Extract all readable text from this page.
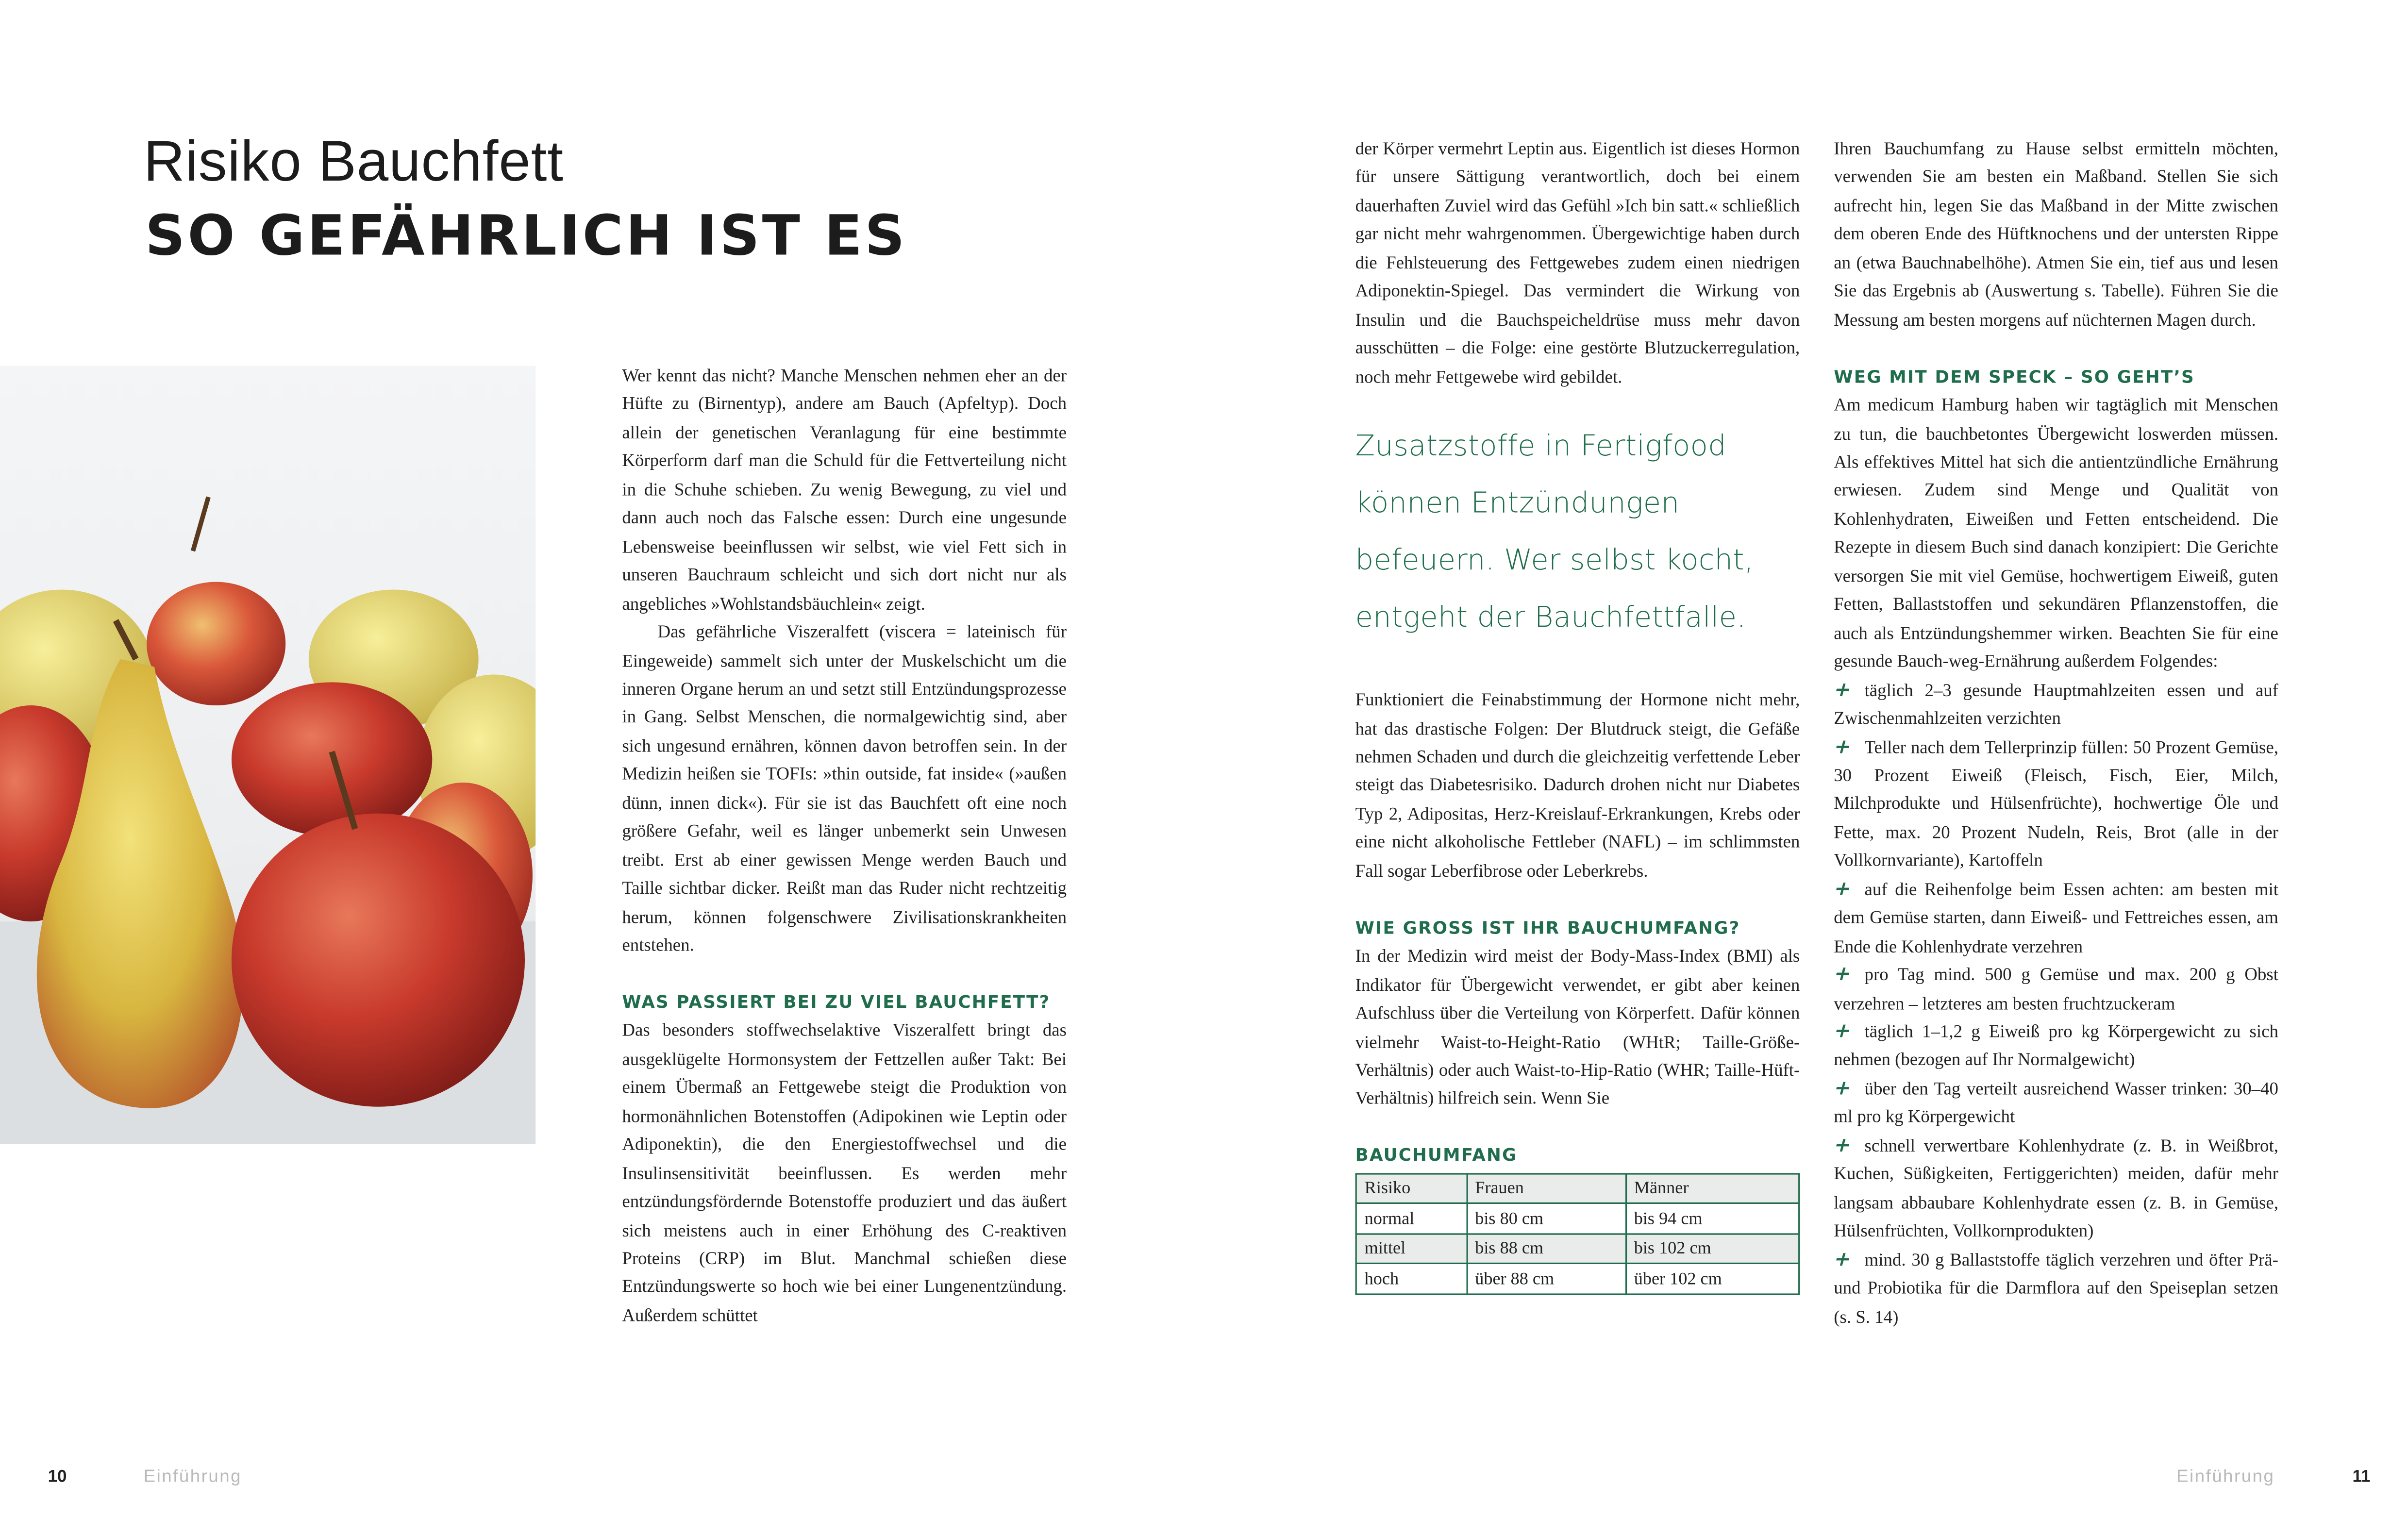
Risiko Bauchfett
SO GEFÄHRLICH IST ES

Wer kennt das nicht? Manche Menschen nehmen eher an der Hüfte zu (Birnentyp), andere am Bauch (Apfeltyp). Doch allein der genetischen Veranlagung für eine bestimmte Körperform darf man die Schuld für die Fettverteilung nicht in die Schuhe schieben. Zu wenig Bewegung, zu viel und dann auch noch das Falsche essen: Durch eine ungesunde Lebensweise beeinflussen wir selbst, wie viel Fett sich in unseren Bauchraum schleicht und sich dort nicht nur als angebliches »Wohlstandsbäuchlein« zeigt.

Das gefährliche Viszeralfett (viscera = lateinisch für Eingeweide) sammelt sich unter der Muskelschicht um die inneren Organe herum an und setzt still Entzündungsprozesse in Gang. Selbst Menschen, die normalgewichtig sind, aber sich ungesund ernähren, können davon betroffen sein. In der Medizin heißen sie TOFIs: »thin outside, fat inside« (»außen dünn, innen dick«). Für sie ist das Bauchfett oft eine noch größere Gefahr, weil es länger unbemerkt sein Unwesen treibt. Erst ab einer gewissen Menge werden Bauch und Taille sichtbar dicker. Reißt man das Ruder nicht rechtzeitig herum, können folgenschwere Zivilisationskrankheiten entstehen.

WAS PASSIERT BEI ZU VIEL BAUCHFETT?

Das besonders stoffwechselaktive Viszeralfett bringt das ausgeklügelte Hormonsystem der Fettzellen außer Takt: Bei einem Übermaß an Fettgewebe steigt die Produktion von hormonähnlichen Botenstoffen (Adipokinen wie Leptin oder Adiponektin), die den Energiestoffwechsel und die Insulinsensitivität beeinflussen. Es werden mehr entzündungsfördernde Botenstoffe produziert und das äußert sich meistens auch in einer Erhöhung des C-reaktiven Proteins (CRP) im Blut. Manchmal schießen diese Entzündungswerte so hoch wie bei einer Lungenentzündung. Außerdem schüttet

der Körper vermehrt Leptin aus. Eigentlich ist dieses Hormon für unsere Sättigung verantwortlich, doch bei einem dauerhaften Zuviel wird das Gefühl »Ich bin satt.« schließlich gar nicht mehr wahrgenommen. Übergewichtige haben durch die Fehlsteuerung des Fettgewebes zudem einen niedrigen Adiponektin-Spiegel. Das vermindert die Wirkung von Insulin und die Bauchspeicheldrüse muss mehr davon ausschütten – die Folge: eine gestörte Blutzuckerregulation, noch mehr Fettgewebe wird gebildet.

Zusatzstoffe in Fertigfood können Entzündungen befeuern. Wer selbst kocht, entgeht der Bauchfettfalle.

Funktioniert die Feinabstimmung der Hormone nicht mehr, hat das drastische Folgen: Der Blutdruck steigt, die Gefäße nehmen Schaden und durch die gleichzeitig verfettende Leber steigt das Diabetesrisiko. Dadurch drohen nicht nur Diabetes Typ 2, Adipositas, Herz-Kreislauf-Erkrankungen, Krebs oder eine nicht alkoholische Fettleber (NAFL) – im schlimmsten Fall sogar Leberfibrose oder Leberkrebs.

WIE GROSS IST IHR BAUCHUMFANG?

In der Medizin wird meist der Body-Mass-Index (BMI) als Indikator für Übergewicht verwendet, er gibt aber keinen Aufschluss über die Verteilung von Körperfett. Dafür können vielmehr Waist-to-Height-Ratio (WHtR; Taille-Größe-Verhältnis) oder auch Waist-to-Hip-Ratio (WHR; Taille-Hüft-Verhältnis) hilfreich sein. Wenn Sie

BAUCHUMFANG
Risiko	Frauen	Männer
normal	bis 80 cm	bis 94 cm
mittel	bis 88 cm	bis 102 cm
hoch	über 88 cm	über 102 cm

Ihren Bauchumfang zu Hause selbst ermitteln möchten, verwenden Sie am besten ein Maßband. Stellen Sie sich aufrecht hin, legen Sie das Maßband in der Mitte zwischen dem oberen Ende des Hüftknochens und der untersten Rippe an (etwa Bauchnabelhöhe). Atmen Sie ein, tief aus und lesen Sie das Ergebnis ab (Auswertung s. Tabelle). Führen Sie die Messung am besten morgens auf nüchternen Magen durch.

WEG MIT DEM SPECK – SO GEHT’S

Am medicum Hamburg haben wir tagtäglich mit Menschen zu tun, die bauchbetontes Übergewicht loswerden müssen. Als effektives Mittel hat sich die antientzündliche Ernährung erwiesen. Zudem sind Menge und Qualität von Kohlenhydraten, Eiweißen und Fetten entscheidend. Die Rezepte in diesem Buch sind danach konzipiert: Die Gerichte versorgen Sie mit viel Gemüse, hochwertigem Eiweiß, guten Fetten, Ballaststoffen und sekundären Pflanzenstoffen, die auch als Entzündungshemmer wirken. Beachten Sie für eine gesunde Bauch-weg-Ernährung außerdem Folgendes:

+ täglich 2–3 gesunde Hauptmahlzeiten essen und auf Zwischenmahlzeiten verzichten

+ Teller nach dem Tellerprinzip füllen: 50 Prozent Gemüse, 30 Prozent Eiweiß (Fleisch, Fisch, Eier, Milch, Milchprodukte und Hülsenfrüchte), hochwertige Öle und Fette, max. 20 Prozent Nudeln, Reis, Brot (alle in der Vollkornvariante), Kartoffeln

+ auf die Reihenfolge beim Essen achten: am besten mit dem Gemüse starten, dann Eiweiß- und Fettreiches essen, am Ende die Kohlenhydrate verzehren

+ pro Tag mind. 500 g Gemüse und max. 200 g Obst verzehren – letzteres am besten fruchtzuckeram

+ täglich 1–1,2 g Eiweiß pro kg Körpergewicht zu sich nehmen (bezogen auf Ihr Normalgewicht)

+ über den Tag verteilt ausreichend Wasser trinken: 30–40 ml pro kg Körpergewicht

+ schnell verwertbare Kohlenhydrate (z. B. in Weißbrot, Kuchen, Süßigkeiten, Fertiggerichten) meiden, dafür mehr langsam abbaubare Kohlenhydrate essen (z. B. in Gemüse, Hülsenfrüchten, Vollkornprodukten)

+ mind. 30 g Ballaststoffe täglich verzehren und öfter Prä- und Probiotika für die Darmflora auf den Speiseplan setzen (s. S. 14)

10	Einführung	Einführung	11
